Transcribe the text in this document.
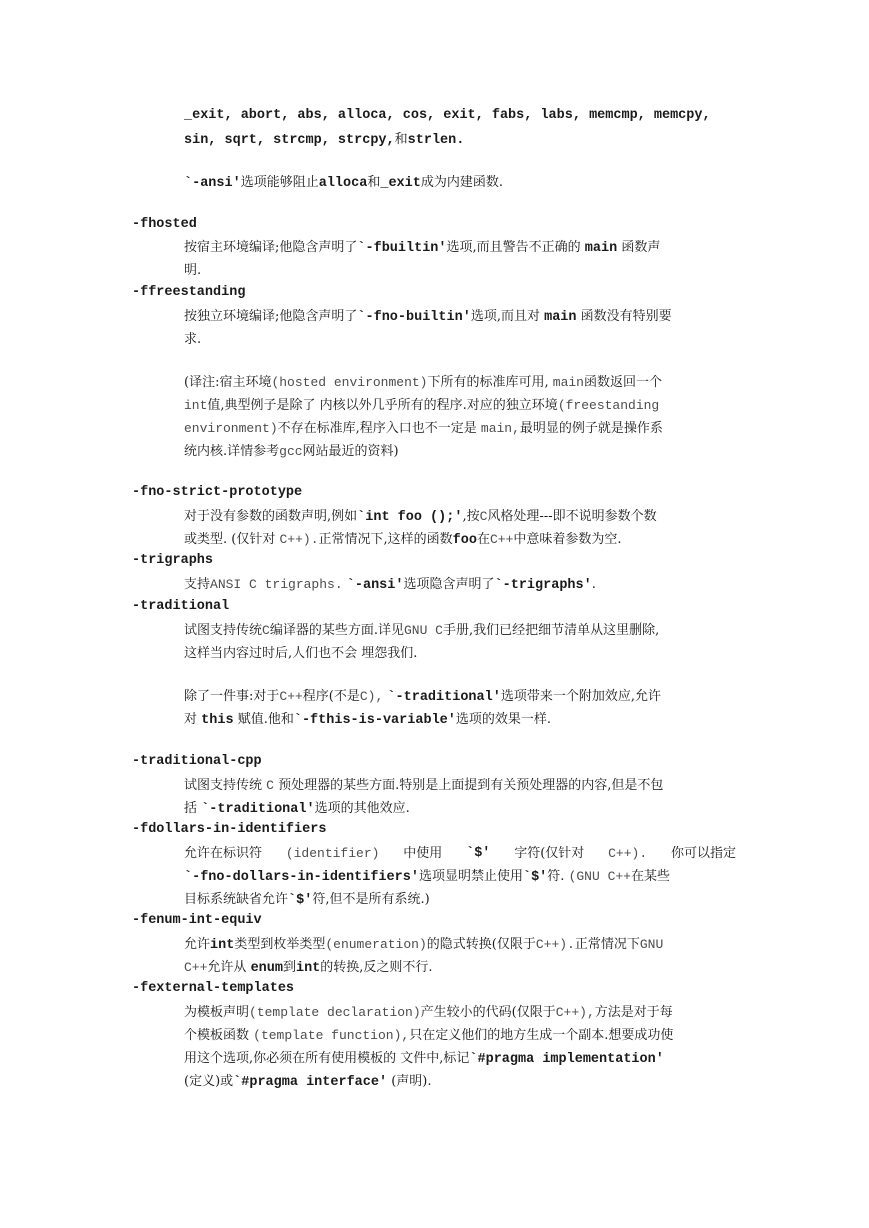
_exit, abort, abs, alloca, cos, exit, fabs, labs, memcmp, memcpy,
sin, sqrt, strcmp, strcpy,和strlen.
`-ansi'选项能够阻止alloca和_exit成为内建函数.
-fhosted
按宿主环境编译;他隐含声明了`-fbuiltin'选项,而且警告不正确的 main 函数声
明.
-ffreestanding
按独立环境编译;他隐含声明了`-fno-builtin'选项,而且对 main 函数没有特别要
求.
(译注:宿主环境(hosted environment)下所有的标准库可用, main函数返回一个
int值,典型例子是除了 内核以外几乎所有的程序.对应的独立环境(freestanding
environment)不存在标准库,程序入口也不一定是 main,最明显的例子就是操作系
统内核.详情参考gcc网站最近的资料)
-fno-strict-prototype
对于没有参数的函数声明,例如`int foo ();',按C风格处理---即不说明参数个数
或类型. (仅针对 C++).正常情况下,这样的函数foo在C++中意味着参数为空.
-trigraphs
支持ANSI C trigraphs. `-ansi'选项隐含声明了`-trigraphs'.
-traditional
试图支持传统C编译器的某些方面.详见GNU C手册,我们已经把细节清单从这里删除,
这样当内容过时后,人们也不会 埋怨我们.
除了一件事:对于C++程序(不是C), `-traditional'选项带来一个附加效应,允许
对 this 赋值.他和`-fthis-is-variable'选项的效果一样.
-traditional-cpp
试图支持传统 C 预处理器的某些方面.特别是上面提到有关预处理器的内容,但是不包
括 `-traditional'选项的其他效应.
-fdollars-in-identifiers
允许在标识符 (identifier) 中使用 `$' 字符(仅针对 C++). 你可以指定
`-fno-dollars-in-identifiers'选项显明禁止使用`$'符. (GNU C++在某些
目标系统缺省允许`$'符,但不是所有系统.)
-fenum-int-equiv
允许int类型到枚举类型(enumeration)的隐式转换(仅限于C++).正常情况下GNU
C++允许从 enum到int的转换,反之则不行.
-fexternal-templates
为模板声明(template declaration)产生较小的代码(仅限于C++),方法是对于每
个模板函数 (template function),只在定义他们的地方生成一个副本.想要成功使
用这个选项,你必须在所有使用模板的 文件中,标记`#pragma implementation'
(定义)或`#pragma interface' (声明).
